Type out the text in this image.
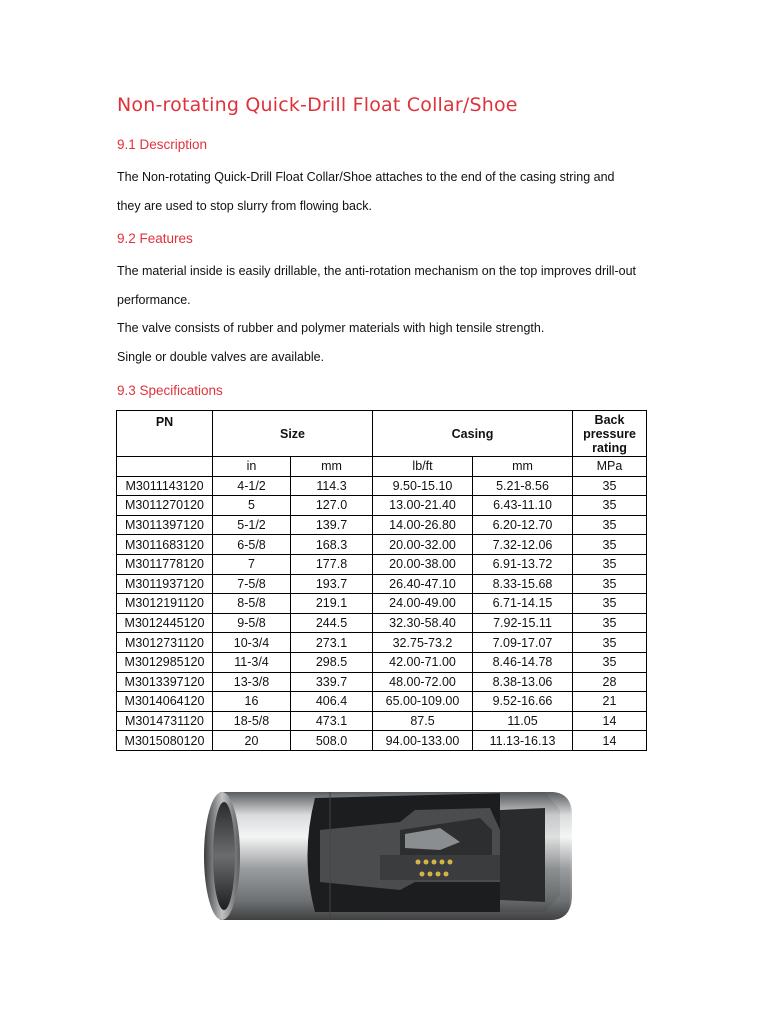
Non-rotating Quick-Drill Float Collar/Shoe
9.1 Description
The Non-rotating Quick-Drill Float Collar/Shoe attaches to the end of the casing string and
they are used to stop slurry from flowing back.
9.2 Features
The material inside is easily drillable, the anti-rotation mechanism on the top improves drill-out
performance.
The valve consists of rubber and polymer materials with high tensile strength.
Single or double valves are available.
9.3 Specifications
PN	Size		Casing		Back
pressure
rating

	in	mm	lb/ft	mm	MPa
M3011143120	4-1/2	114.3	9.50-15.10	5.21-8.56	35
M3011270120	5	127.0	13.00-21.40	6.43-11.10	35
M3011397120	5-1/2	139.7	14.00-26.80	6.20-12.70	35
M3011683120	6-5/8	168.3	20.00-32.00	7.32-12.06	35
M3011778120	7	177.8	20.00-38.00	6.91-13.72	35
M3011937120	7-5/8	193.7	26.40-47.10	8.33-15.68	35
M3012191120	8-5/8	219.1	24.00-49.00	6.71-14.15	35
M3012445120	9-5/8	244.5	32.30-58.40	7.92-15.11	35
M3012731120	10-3/4	273.1	32.75-73.2	7.09-17.07	35
M3012985120	11-3/4	298.5	42.00-71.00	8.46-14.78	35
M3013397120	13-3/8	339.7	48.00-72.00	8.38-13.06	28
M3014064120	16	406.4	65.00-109.00	9.52-16.66	21
M3014731120	18-5/8	473.1	87.5	11.05	14
M3015080120	20	508.0	94.00-133.00	11.13-16.13	14
